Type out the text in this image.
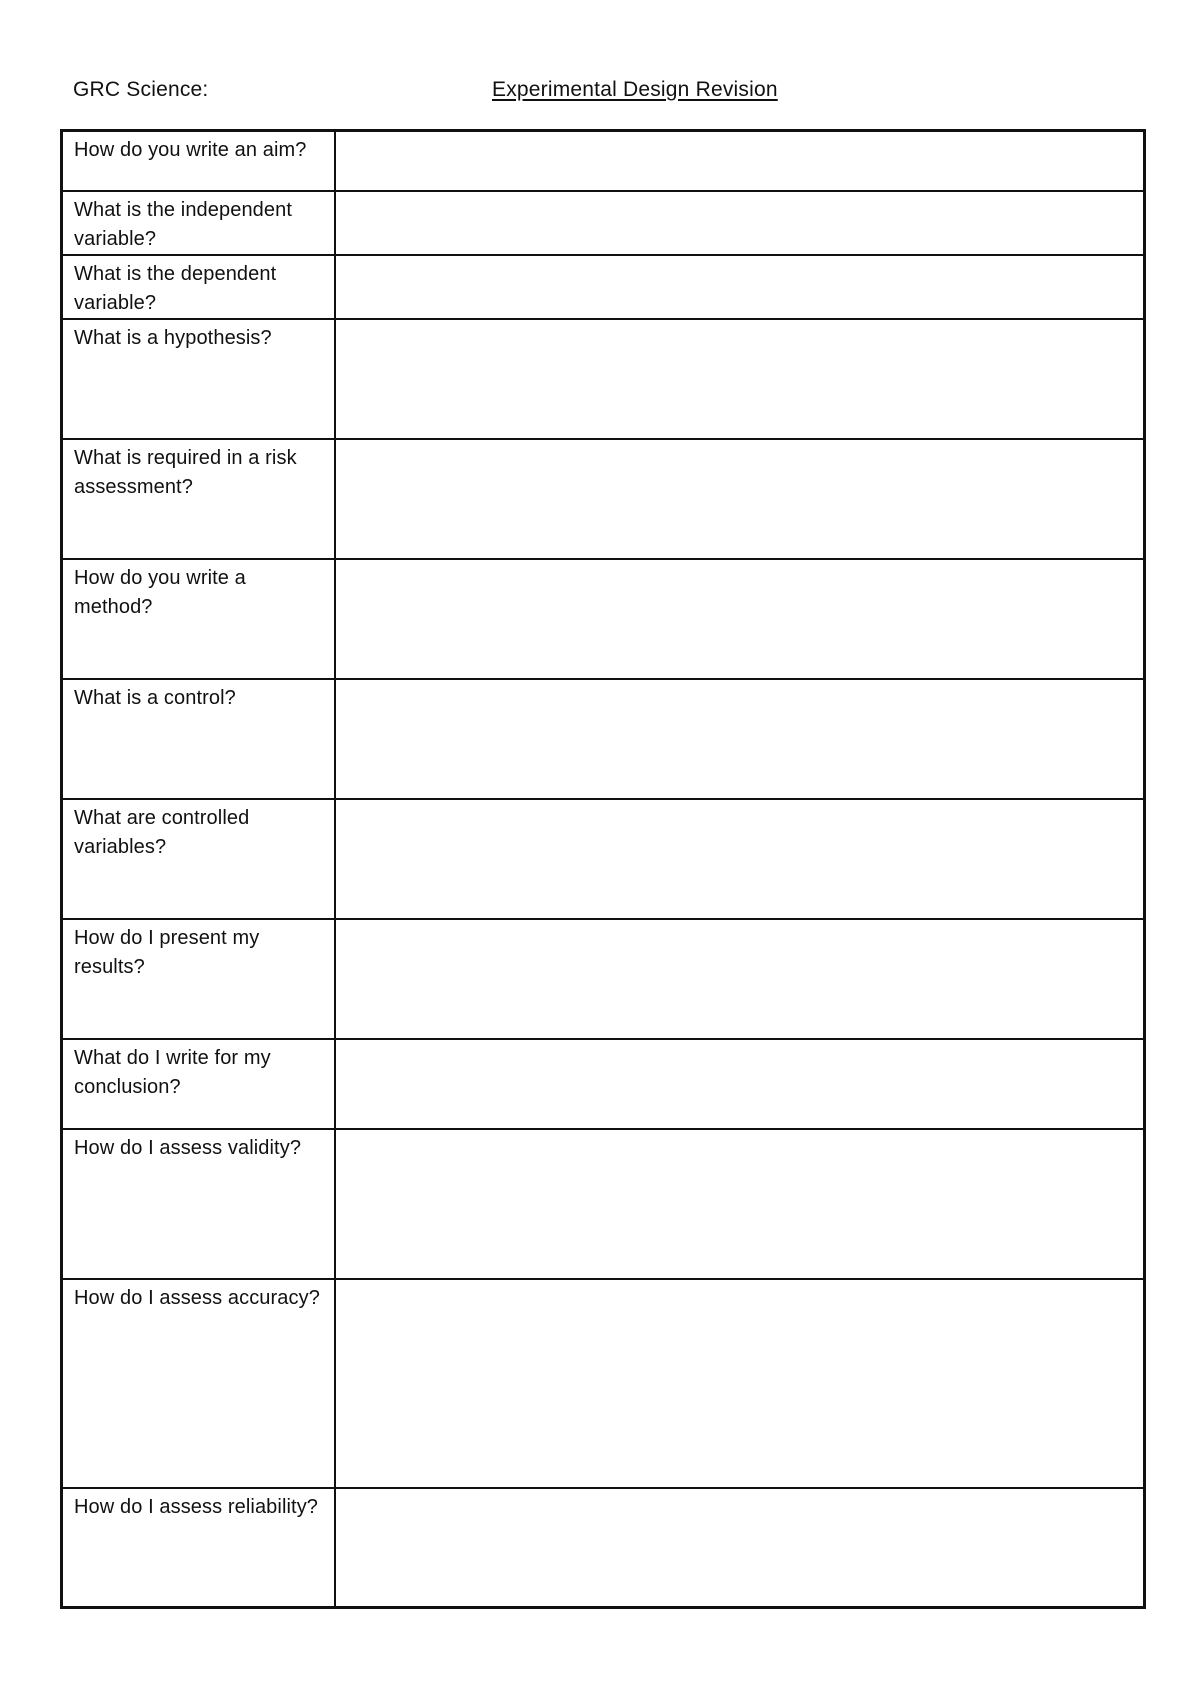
GRC Science:	Experimental Design Revision
How do you write an aim?	
What is the independent variable?	
What is the dependent variable?	
What is a hypothesis?	
What is required in a risk assessment?	
How do you write a method?	
What is a control?	
What are controlled variables?	
How do I present my results?	
What do I write for my conclusion?	
How do I assess validity?	
How do I assess accuracy?	
How do I assess reliability?	
